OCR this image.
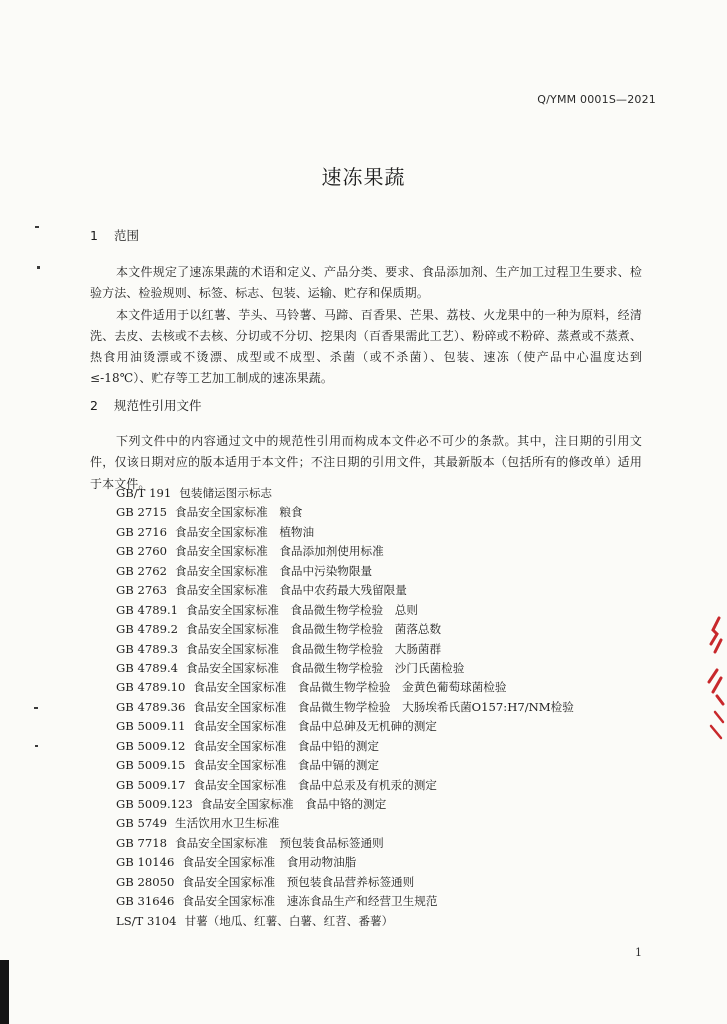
Q/YMM 0001S—2021
速冻果蔬
1 范围
本文件规定了速冻果蔬的术语和定义、产品分类、要求、食品添加剂、生产加工过程卫生要求、检验方法、检验规则、标签、标志、包装、运输、贮存和保质期。
本文件适用于以红薯、芋头、马铃薯、马蹄、百香果、芒果、荔枝、火龙果中的一种为原料，经清洗、去皮、去核或不去核、分切或不分切、挖果肉（百香果需此工艺）、粉碎或不粉碎、蒸煮或不蒸煮、热食用油烫漂或不烫漂、成型或不成型、杀菌（或不杀菌）、包装、速冻（使产品中心温度达到≤-18℃）、贮存等工艺加工制成的速冻果蔬。
2 规范性引用文件
下列文件中的内容通过文中的规范性引用而构成本文件必不可少的条款。其中，注日期的引用文件，仅该日期对应的版本适用于本文件；不注日期的引用文件，其最新版本（包括所有的修改单）适用于本文件。
GB/T 191 包装储运图示标志
GB 2715 食品安全国家标准　粮食
GB 2716 食品安全国家标准　植物油
GB 2760 食品安全国家标准　食品添加剂使用标准
GB 2762 食品安全国家标准　食品中污染物限量
GB 2763 食品安全国家标准　食品中农药最大残留限量
GB 4789.1 食品安全国家标准　食品微生物学检验　总则
GB 4789.2 食品安全国家标准　食品微生物学检验　菌落总数
GB 4789.3 食品安全国家标准　食品微生物学检验　大肠菌群
GB 4789.4 食品安全国家标准　食品微生物学检验　沙门氏菌检验
GB 4789.10 食品安全国家标准　食品微生物学检验　金黄色葡萄球菌检验
GB 4789.36 食品安全国家标准　食品微生物学检验　大肠埃希氏菌O157:H7/NM检验
GB 5009.11 食品安全国家标准　食品中总砷及无机砷的测定
GB 5009.12 食品安全国家标准　食品中铅的测定
GB 5009.15 食品安全国家标准　食品中镉的测定
GB 5009.17 食品安全国家标准　食品中总汞及有机汞的测定
GB 5009.123 食品安全国家标准　食品中铬的测定
GB 5749 生活饮用水卫生标准
GB 7718 食品安全国家标准　预包装食品标签通则
GB 10146 食品安全国家标准　食用动物油脂
GB 28050 食品安全国家标准　预包装食品营养标签通则
GB 31646 食品安全国家标准　速冻食品生产和经营卫生规范
LS/T 3104 甘薯（地瓜、红薯、白薯、红苕、番薯）
1
